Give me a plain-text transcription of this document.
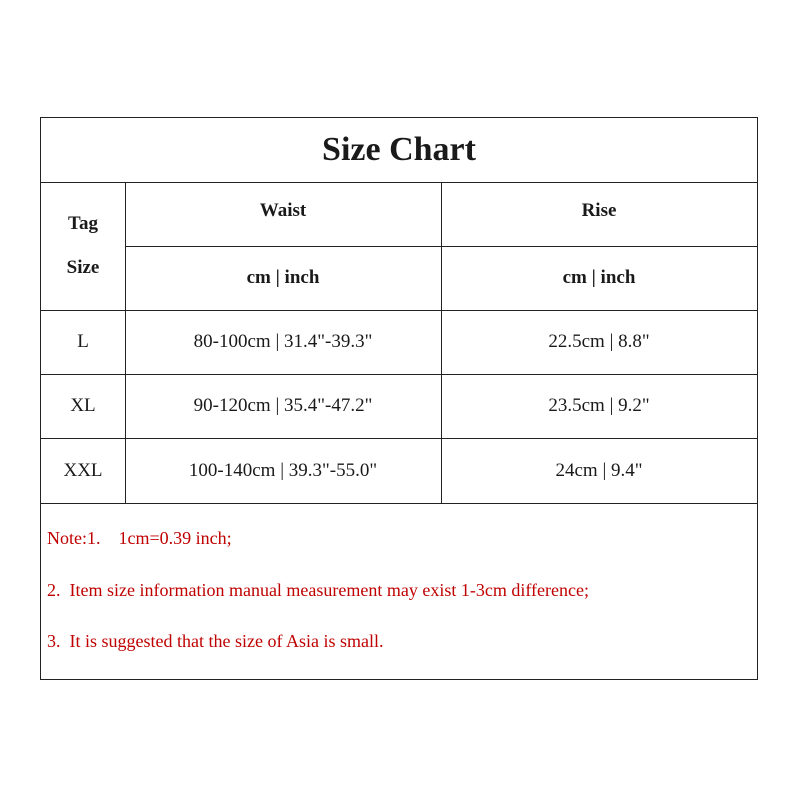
Size Chart
Tag
Size
Waist	Rise
cm | inch	cm | inch
L	80-100cm | 31.4"-39.3"	22.5cm | 8.8"
XL	90-120cm | 35.4"-47.2"	23.5cm | 9.2"
XXL	100-140cm | 39.3"-55.0"	24cm | 9.4"
Note:1.    1cm=0.39 inch;
2.  Item size information manual measurement may exist 1-3cm difference;
3.  It is suggested that the size of Asia is small.
